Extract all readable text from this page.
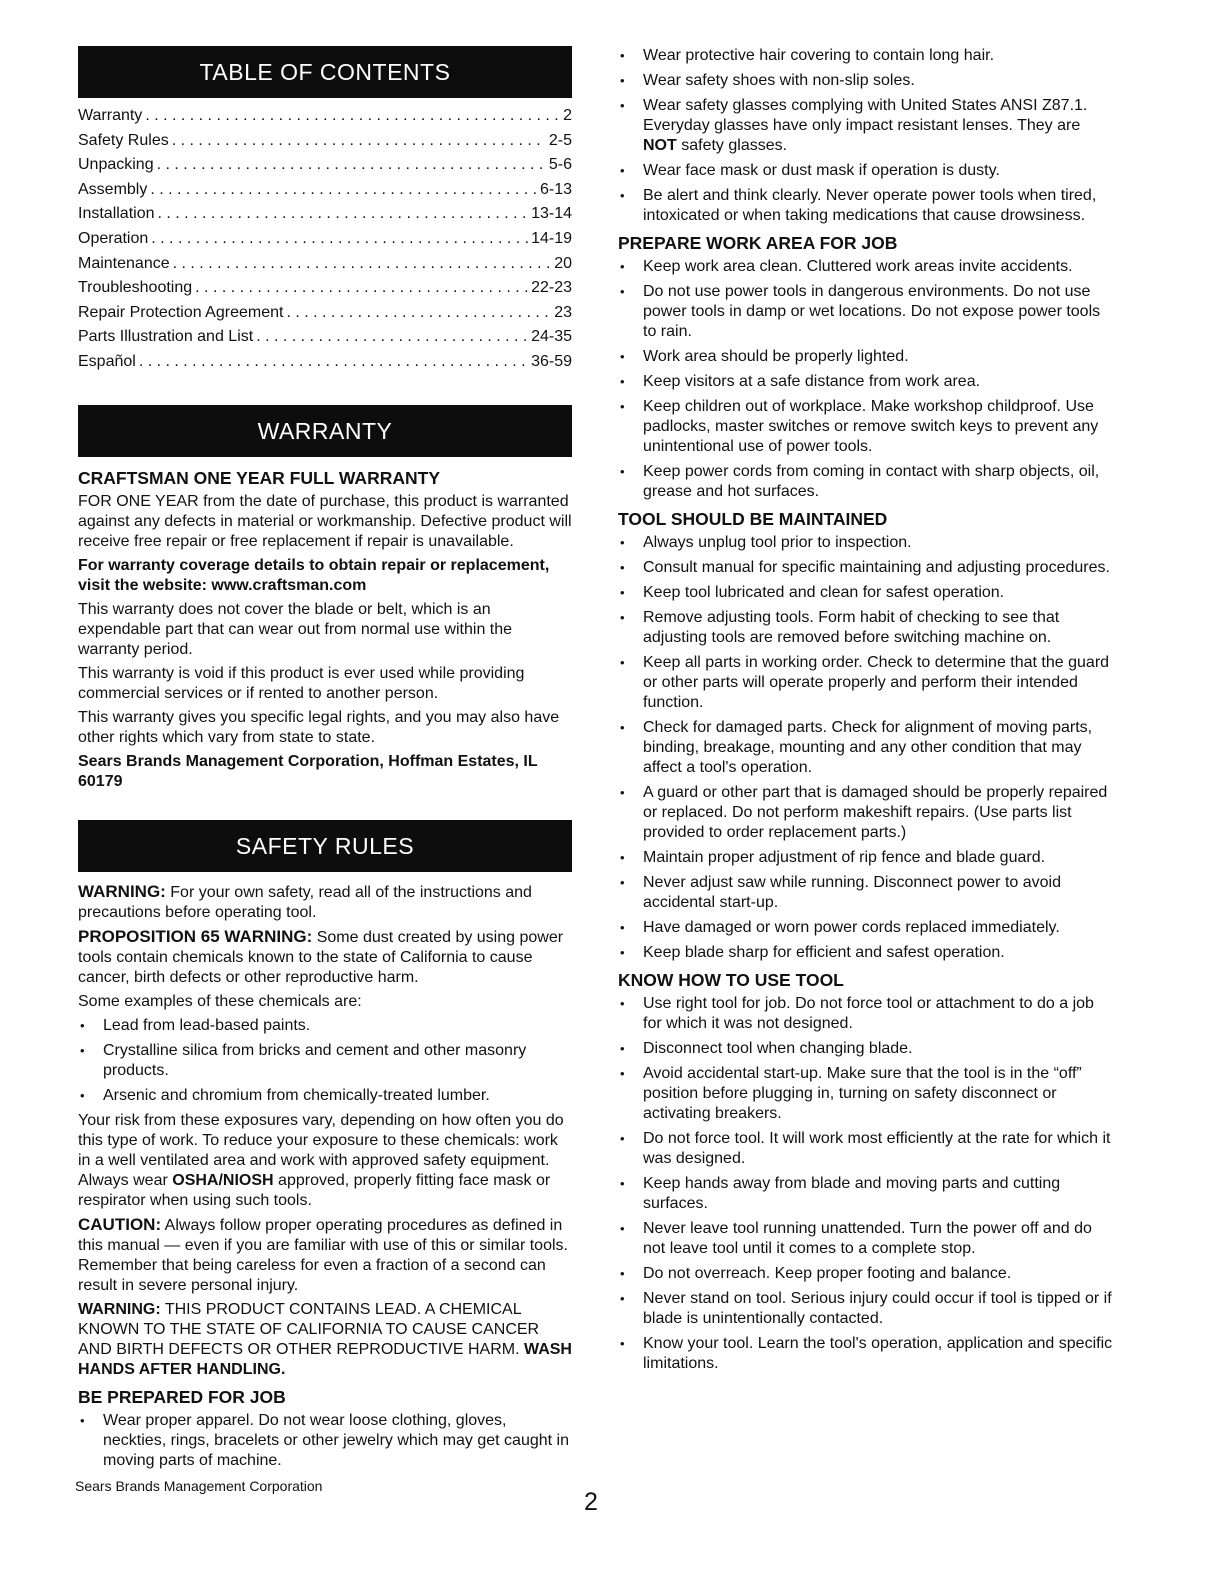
TABLE OF CONTENTS
Warranty . . .	2
Safety Rules . . .	2-5
Unpacking . . .	5-6
Assembly . . .	6-13
Installation . . .	13-14
Operation . . .	14-19
Maintenance . . .	20
Troubleshooting . . .	22-23
Repair Protection Agreement . . .	23
Parts Illustration and List . . .	24-35
Español . . .	36-59
WARRANTY
CRAFTSMAN ONE YEAR FULL WARRANTY

FOR ONE YEAR from the date of purchase, this product is warranted against any defects in material or workmanship. Defective product will receive free repair or free replacement if repair is unavailable.

For warranty coverage details to obtain repair or replacement, visit the website: www.craftsman.com

This warranty does not cover the blade or belt, which is an expendable part that can wear out from normal use within the warranty period.

This warranty is void if this product is ever used while providing commercial services or if rented to another person.

This warranty gives you specific legal rights, and you may also have other rights which vary from state to state.

Sears Brands Management Corporation, Hoffman Estates, IL 60179

SAFETY RULES

WARNING: For your own safety, read all of the instructions and precautions before operating tool.

PROPOSITION 65 WARNING: Some dust created by using power tools contain chemicals known to the state of California to cause cancer, birth defects or other reproductive harm.

Some examples of these chemicals are:

• Lead from lead-based paints.
• Crystalline silica from bricks and cement and other masonry products.
• Arsenic and chromium from chemically-treated lumber.

Your risk from these exposures vary, depending on how often you do this type of work. To reduce your exposure to these chemicals: work in a well ventilated area and work with approved safety equipment. Always wear OSHA/NIOSH approved, properly fitting face mask or respirator when using such tools.

CAUTION: Always follow proper operating procedures as defined in this manual — even if you are familiar with use of this or similar tools. Remember that being careless for even a fraction of a second can result in severe personal injury.

WARNING: THIS PRODUCT CONTAINS LEAD. A CHEMICAL KNOWN TO THE STATE OF CALIFORNIA TO CAUSE CANCER AND BIRTH DEFECTS OR OTHER REPRODUCTIVE HARM. WASH HANDS AFTER HANDLING.

BE PREPARED FOR JOB
• Wear proper apparel. Do not wear loose clothing, gloves, neckties, rings, bracelets or other jewelry which may get caught in moving parts of machine.
• Wear protective hair covering to contain long hair.
• Wear safety shoes with non-slip soles.
• Wear safety glasses complying with United States ANSI Z87.1. Everyday glasses have only impact resistant lenses. They are NOT safety glasses.
• Wear face mask or dust mask if operation is dusty.
• Be alert and think clearly. Never operate power tools when tired, intoxicated or when taking medications that cause drowsiness.
PREPARE WORK AREA FOR JOB
• Keep work area clean. Cluttered work areas invite accidents.
• Do not use power tools in dangerous environments. Do not use power tools in damp or wet locations. Do not expose power tools to rain.
• Work area should be properly lighted.
• Keep visitors at a safe distance from work area.
• Keep children out of workplace. Make workshop childproof. Use padlocks, master switches or remove switch keys to prevent any unintentional use of power tools.
• Keep power cords from coming in contact with sharp objects, oil, grease and hot surfaces.
TOOL SHOULD BE MAINTAINED
• Always unplug tool prior to inspection.
• Consult manual for specific maintaining and adjusting procedures.
• Keep tool lubricated and clean for safest operation.
• Remove adjusting tools. Form habit of checking to see that adjusting tools are removed before switching machine on.
• Keep all parts in working order. Check to determine that the guard or other parts will operate properly and perform their intended function.
• Check for damaged parts. Check for alignment of moving parts, binding, breakage, mounting and any other condition that may affect a tool's operation.
• A guard or other part that is damaged should be properly repaired or replaced. Do not perform makeshift repairs. (Use parts list provided to order replacement parts.)
• Maintain proper adjustment of rip fence and blade guard.
• Never adjust saw while running. Disconnect power to avoid accidental start-up.
• Have damaged or worn power cords replaced immediately.
• Keep blade sharp for efficient and safest operation.
KNOW HOW TO USE TOOL
• Use right tool for job. Do not force tool or attachment to do a job for which it was not designed.
• Disconnect tool when changing blade.
• Avoid accidental start-up. Make sure that the tool is in the “off” position before plugging in, turning on safety disconnect or activating breakers.
• Do not force tool. It will work most efficiently at the rate for which it was designed.
• Keep hands away from blade and moving parts and cutting surfaces.
• Never leave tool running unattended. Turn the power off and do not leave tool until it comes to a complete stop.
• Do not overreach. Keep proper footing and balance.
• Never stand on tool. Serious injury could occur if tool is tipped or if blade is unintentionally contacted.
• Know your tool. Learn the tool's operation, application and specific limitations.
Sears Brands Management Corporation
2
